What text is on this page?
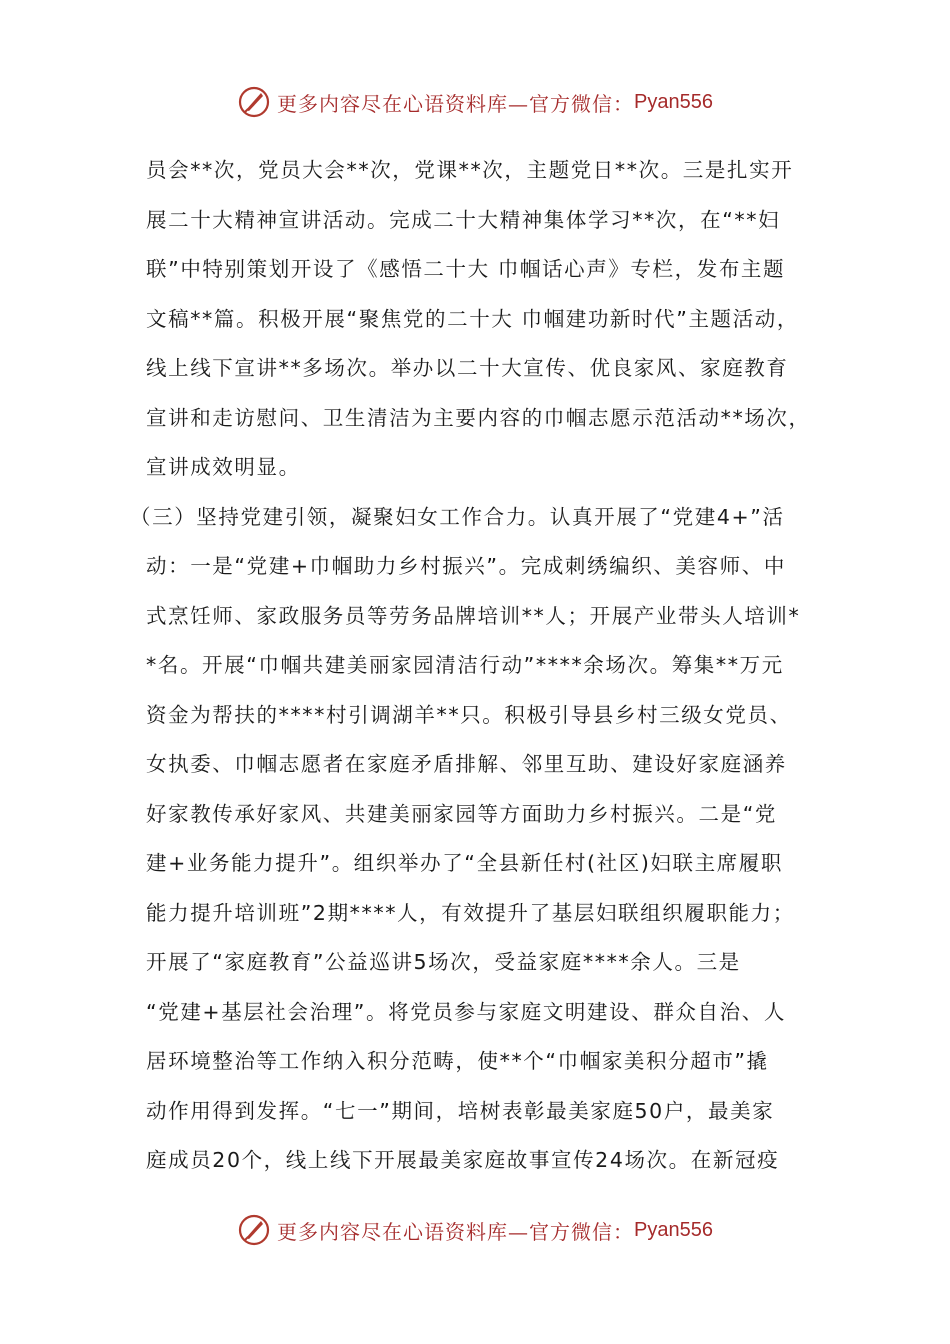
更多内容尽在心语资料库—官方微信： Pyan556
员会**次，党员大会**次，党课**次，主题党日**次。三是扎实开
展二十大精神宣讲活动。完成二十大精神集体学习**次，在“**妇
联”中特别策划开设了《感悟二十大 巾帼话心声》专栏，发布主题
文稿**篇。积极开展“聚焦党的二十大 巾帼建功新时代”主题活动，
线上线下宣讲**多场次。举办以二十大宣传、优良家风、家庭教育
宣讲和走访慰问、卫生清洁为主要内容的巾帼志愿示范活动**场次，
宣讲成效明显。
（三）坚持党建引领，凝聚妇女工作合力。认真开展了“党建4+”活
动：一是“党建+巾帼助力乡村振兴”。完成刺绣编织、美容师、中
式烹饪师、家政服务员等劳务品牌培训**人；开展产业带头人培训*
*名。开展“巾帼共建美丽家园清洁行动”****余场次。筹集**万元
资金为帮扶的****村引调湖羊**只。积极引导县乡村三级女党员、
女执委、巾帼志愿者在家庭矛盾排解、邻里互助、建设好家庭涵养
好家教传承好家风、共建美丽家园等方面助力乡村振兴。二是“党
建+业务能力提升”。组织举办了“全县新任村(社区)妇联主席履职
能力提升培训班”2期****人，有效提升了基层妇联组织履职能力；
开展了“家庭教育”公益巡讲5场次，受益家庭****余人。三是
“党建+基层社会治理”。将党员参与家庭文明建设、群众自治、人
居环境整治等工作纳入积分范畴，使**个“巾帼家美积分超市”撬
动作用得到发挥。“七一”期间，培树表彰最美家庭50户，最美家
庭成员20个，线上线下开展最美家庭故事宣传24场次。在新冠疫
更多内容尽在心语资料库—官方微信： Pyan556
